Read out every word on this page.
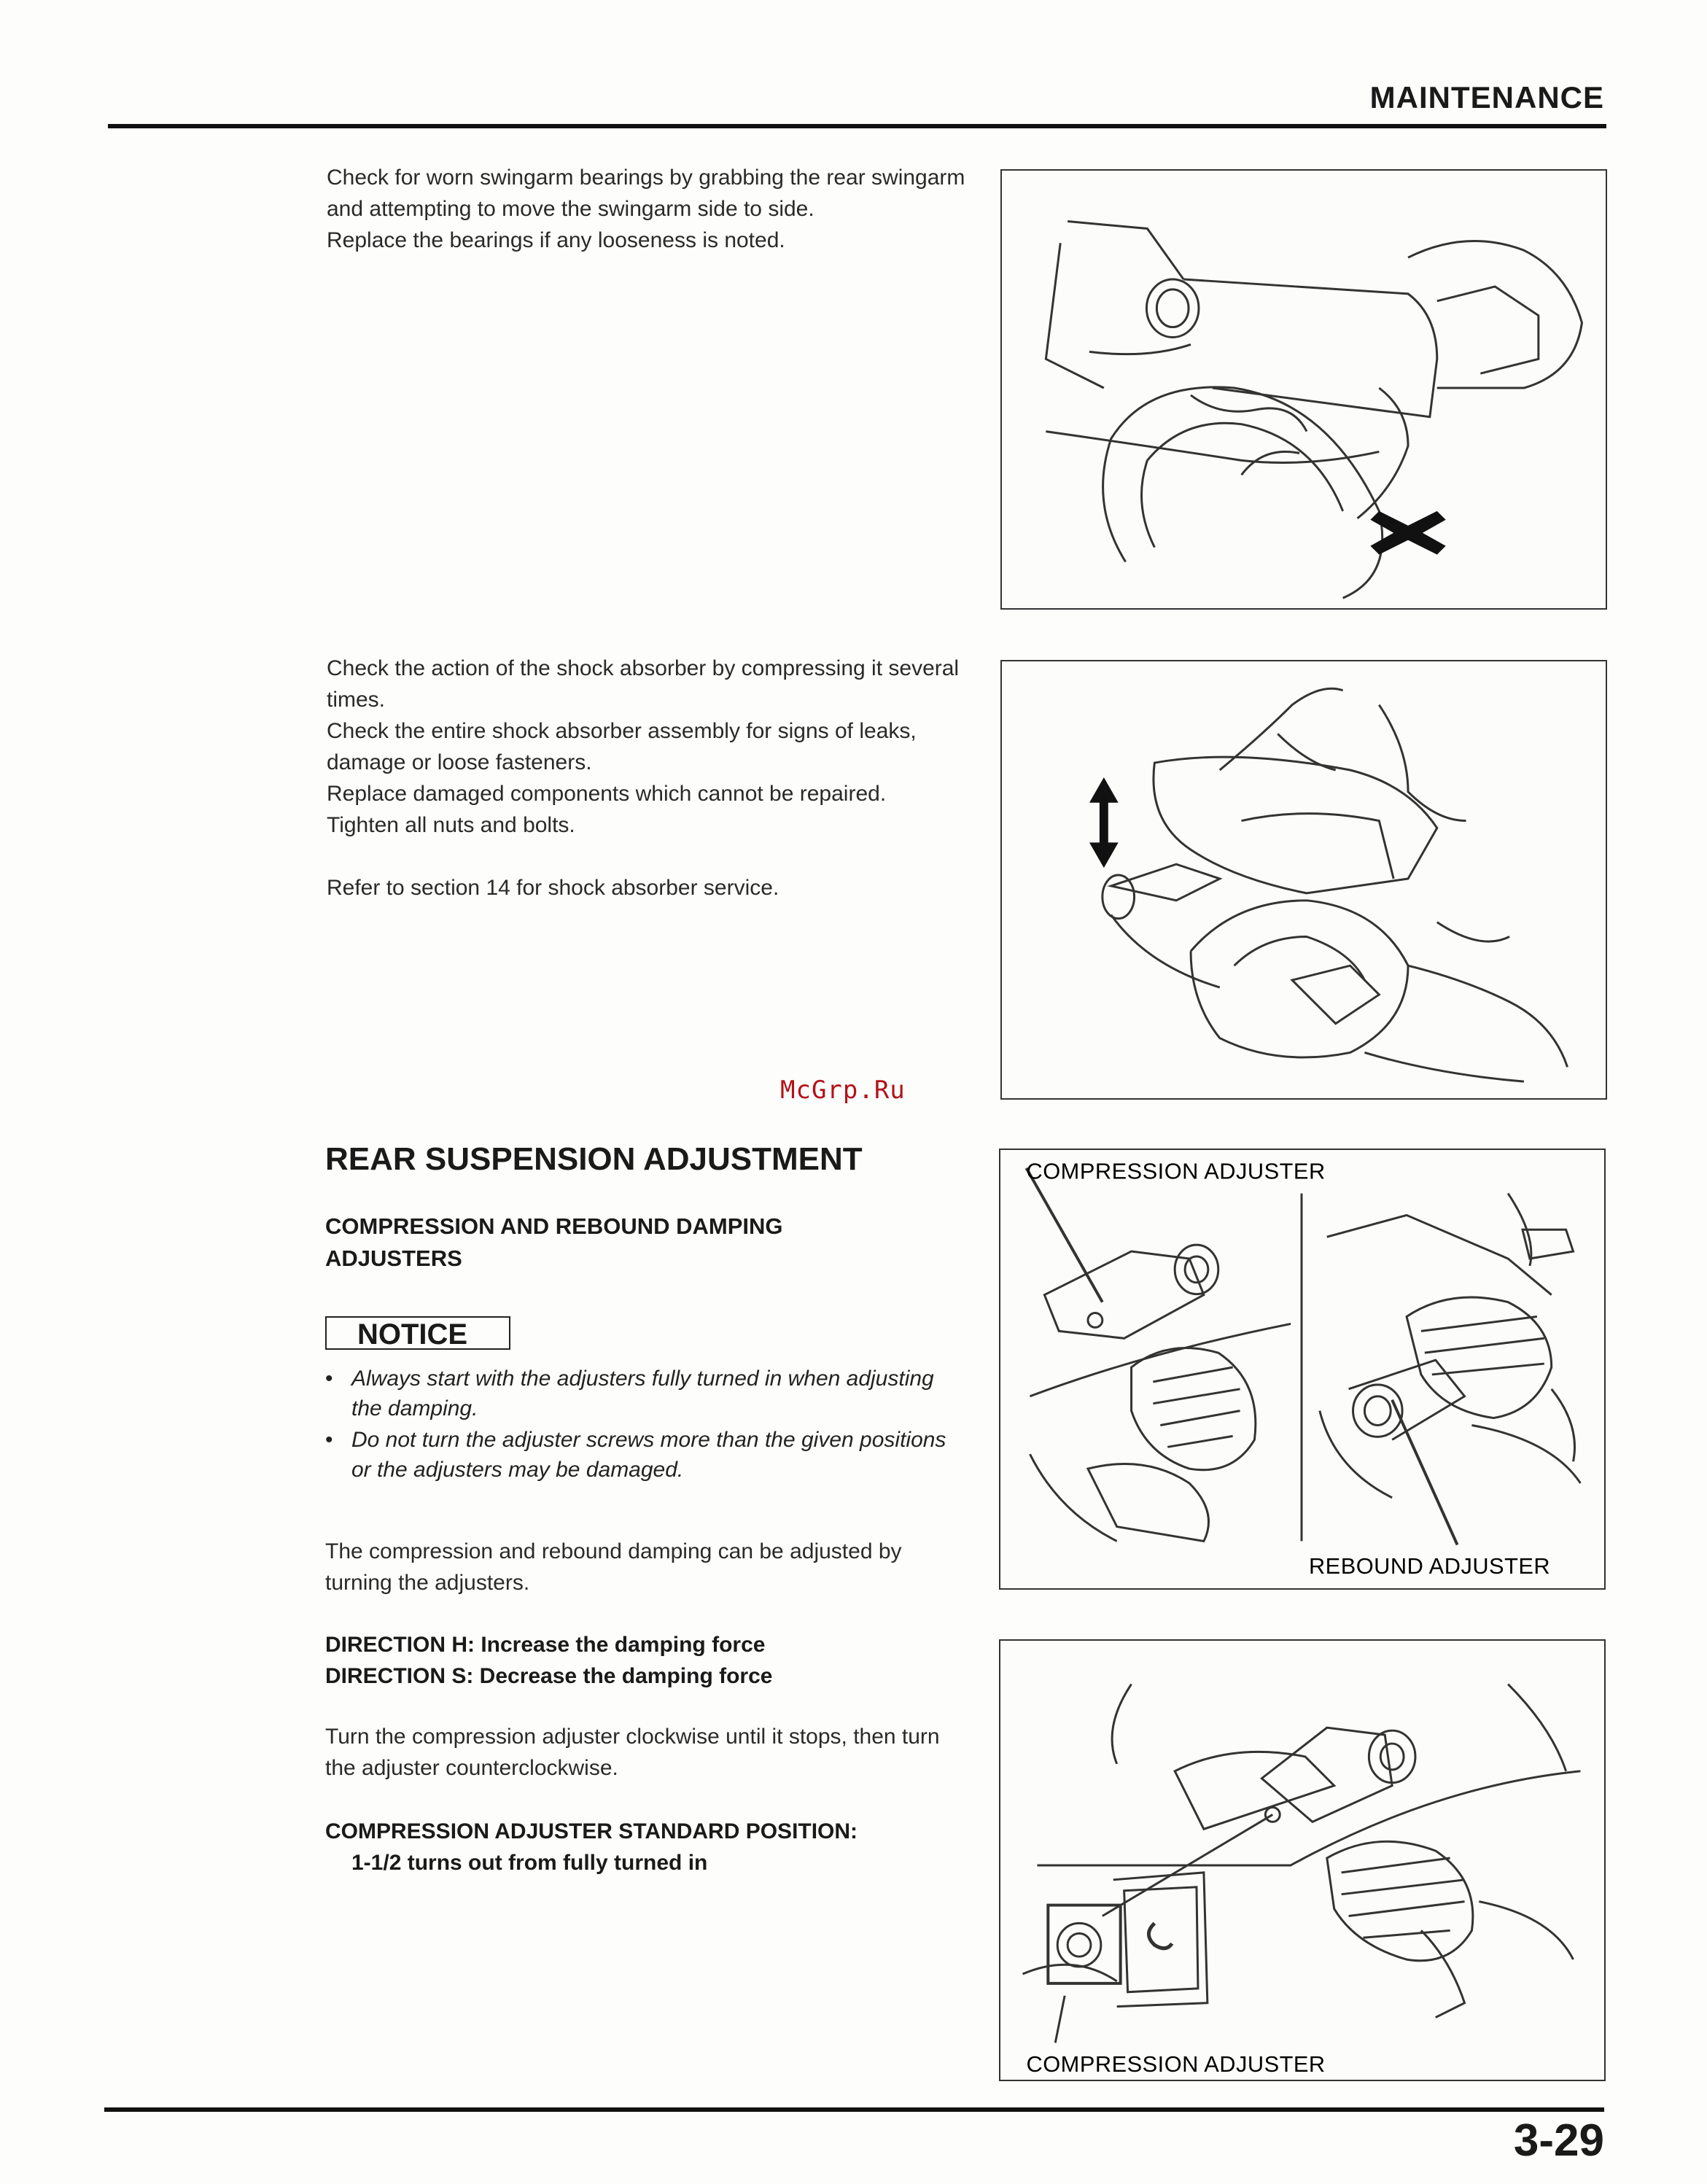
MAINTENANCE

Check for worn swingarm bearings by grabbing the rear swingarm and attempting to move the swingarm side to side.

Replace the bearings if any looseness is noted.

Check the action of the shock absorber by compressing it several times.

Check the entire shock absorber assembly for signs of leaks, damage or loose fasteners.

Replace damaged components which cannot be repaired.

Tighten all nuts and bolts.

Refer to section 14 for shock absorber service.

McGrp.Ru
REAR SUSPENSION ADJUSTMENT
COMPRESSION AND REBOUND DAMPING ADJUSTERS
NOTICE
• Always start with the adjusters fully turned in when adjusting the damping.
• Do not turn the adjuster screws more than the given positions or the adjusters may be damaged.
The compression and rebound damping can be adjusted by turning the adjusters.
DIRECTION H: Increase the damping force
DIRECTION S: Decrease the damping force
Turn the compression adjuster clockwise until it stops, then turn the adjuster counterclockwise.
COMPRESSION ADJUSTER STANDARD POSITION:
1-1/2 turns out from fully turned in
COMPRESSION ADJUSTER
REBOUND ADJUSTER
COMPRESSION ADJUSTER
3-29
